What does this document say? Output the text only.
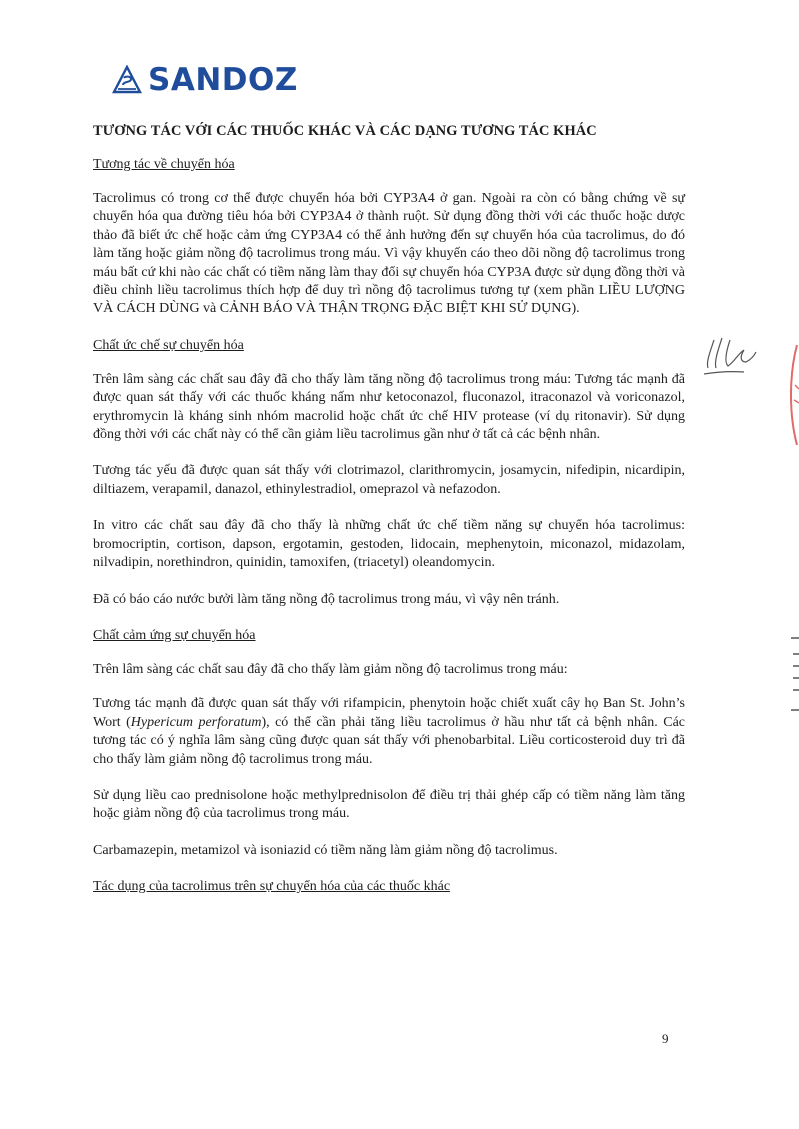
SANDOZ
TƯƠNG TÁC VỚI CÁC THUỐC KHÁC VÀ CÁC DẠNG TƯƠNG TÁC KHÁC
Tương tác về chuyển hóa

Tacrolimus có trong cơ thể được chuyển hóa bởi CYP3A4 ở gan. Ngoài ra còn có bằng chứng về sự chuyển hóa qua đường tiêu hóa bởi CYP3A4 ở thành ruột. Sử dụng đồng thời với các thuốc hoặc dược thảo đã biết ức chế hoặc cảm ứng CYP3A4 có thể ảnh hưởng đến sự chuyển hóa của tacrolimus, do đó làm tăng hoặc giảm nồng độ tacrolimus trong máu. Vì vậy khuyến cáo theo dõi nồng độ tacrolimus trong máu bất cứ khi nào các chất có tiềm năng làm thay đổi sự chuyển hóa CYP3A được sử dụng đồng thời và điều chỉnh liều tacrolimus thích hợp để duy trì nồng độ tacrolimus tương tự (xem phần LIỀU LƯỢNG VÀ CÁCH DÙNG và CẢNH BÁO VÀ THẬN TRỌNG ĐẶC BIỆT KHI SỬ DỤNG).

Chất ức chế sự chuyển hóa

Trên lâm sàng các chất sau đây đã cho thấy làm tăng nồng độ tacrolimus trong máu: Tương tác mạnh đã được quan sát thấy với các thuốc kháng nấm như ketoconazol, fluconazol, itraconazol và voriconazol, erythromycin là kháng sinh nhóm macrolid hoặc chất ức chế HIV protease (ví dụ ritonavir). Sử dụng đồng thời với các chất này có thể cần giảm liều tacrolimus gần như ở tất cả các bệnh nhân.

Tương tác yếu đã được quan sát thấy với clotrimazol, clarithromycin, josamycin, nifedipin, nicardipin, diltiazem, verapamil, danazol, ethinylestradiol, omeprazol và nefazodon.

In vitro các chất sau đây đã cho thấy là những chất ức chế tiềm năng sự chuyển hóa tacrolimus: bromocriptin, cortison, dapson, ergotamin, gestoden, lidocain, mephenytoin, miconazol, midazolam, nilvadipin, norethindron, quinidin, tamoxifen, (triacetyl) oleandomycin.

Đã có báo cáo nước bưởi làm tăng nồng độ tacrolimus trong máu, vì vậy nên tránh.

Chất cảm ứng sự chuyển hóa

Trên lâm sàng các chất sau đây đã cho thấy làm giảm nồng độ tacrolimus trong máu:

Tương tác mạnh đã được quan sát thấy với rifampicin, phenytoin hoặc chiết xuất cây họ Ban St. John’s Wort (Hypericum perforatum), có thể cần phải tăng liều tacrolimus ở hầu như tất cả bệnh nhân. Các tương tác có ý nghĩa lâm sàng cũng được quan sát thấy với phenobarbital. Liều corticosteroid duy trì đã cho thấy làm giảm nồng độ tacrolimus trong máu.

Sử dụng liều cao prednisolone hoặc methylprednisolon để điều trị thải ghép cấp có tiềm năng làm tăng hoặc giảm nồng độ của tacrolimus trong máu.

Carbamazepin, metamizol và isoniazid có tiềm năng làm giảm nồng độ tacrolimus.

Tác dụng của tacrolimus trên sự chuyển hóa của các thuốc khác
9
